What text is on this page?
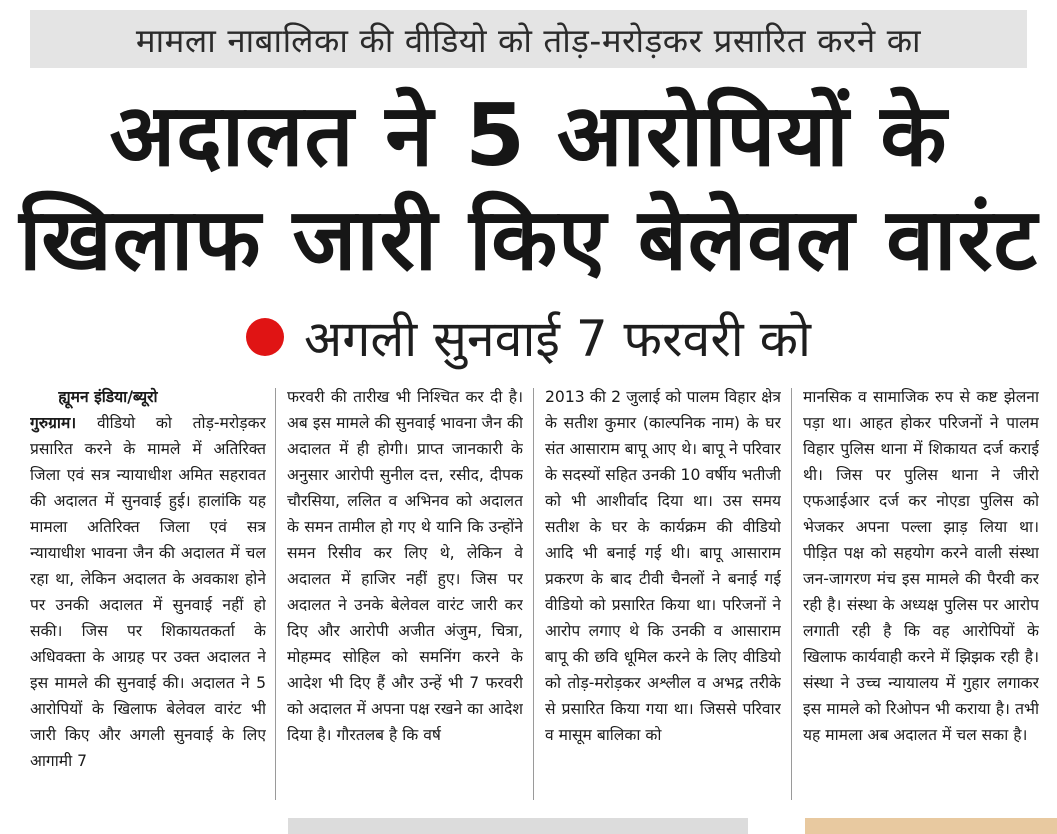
मामला नाबालिका की वीडियो को तोड़-मरोड़कर प्रसारित करने का
अदालत ने 5 आरोपियों के
खिलाफ जारी किए बेलेवल वारंट
अगली सुनवाई 7 फरवरी को
ह्यूमन इंडिया/ब्यूरो
गुरुग्राम। वीडियो को तोड़-मरोड़कर प्रसारित करने के मामले में अतिरिक्त जिला एवं सत्र न्यायाधीश अमित सहरावत की अदालत में सुनवाई हुई। हालांकि यह मामला अतिरिक्त जिला एवं सत्र न्यायाधीश भावना जैन की अदालत में चल रहा था, लेकिन अदालत के अवकाश होने पर उनकी अदालत में सुनवाई नहीं हो सकी। जिस पर शिकायतकर्ता के अधिवक्ता के आग्रह पर उक्त अदालत ने इस मामले की सुनवाई की। अदालत ने 5 आरोपियों के खिलाफ बेलेवल वारंट भी जारी किए और अगली सुनवाई के लिए आगामी 7
फरवरी की तारीख भी निश्चित कर दी है। अब इस मामले की सुनवाई भावना जैन की अदालत में ही होगी। प्राप्त जानकारी के अनुसार आरोपी सुनील दत्त, रसीद, दीपक चौरसिया, ललित व अभिनव को अदालत के समन तामील हो गए थे यानि कि उन्होंने समन रिसीव कर लिए थे, लेकिन वे अदालत में हाजिर नहीं हुए। जिस पर अदालत ने उनके बेलेवल वारंट जारी कर दिए और आरोपी अजीत अंजुम, चित्रा, मोहम्मद सोहिल को समनिंग करने के आदेश भी दिए हैं और उन्हें भी 7 फरवरी को अदालत में अपना पक्ष रखने का आदेश दिया है। गौरतलब है कि वर्ष
2013 की 2 जुलाई को पालम विहार क्षेत्र के सतीश कुमार (काल्पनिक नाम) के घर संत आसाराम बापू आए थे। बापू ने परिवार के सदस्यों सहित उनकी 10 वर्षीय भतीजी को भी आशीर्वाद दिया था। उस समय सतीश के घर के कार्यक्रम की वीडियो आदि भी बनाई गई थी। बापू आसाराम प्रकरण के बाद टीवी चैनलों ने बनाई गई वीडियो को प्रसारित किया था। परिजनों ने आरोप लगाए थे कि उनकी व आसाराम बापू की छवि धूमिल करने के लिए वीडियो को तोड़-मरोड़कर अश्लील व अभद्र तरीके से प्रसारित किया गया था। जिससे परिवार व मासूम बालिका को
मानसिक व सामाजिक रुप से कष्ट झेलना पड़ा था। आहत होकर परिजनों ने पालम विहार पुलिस थाना में शिकायत दर्ज कराई थी। जिस पर पुलिस थाना ने जीरो एफआईआर दर्ज कर नोएडा पुलिस को भेजकर अपना पल्ला झाड़ लिया था। पीड़ित पक्ष को सहयोग करने वाली संस्था जन-जागरण मंच इस मामले की पैरवी कर रही है। संस्था के अध्यक्ष पुलिस पर आरोप लगाती रही है कि वह आरोपियों के खिलाफ कार्यवाही करने में झिझक रही है। संस्था ने उच्च न्यायालय में गुहार लगाकर इस मामले को रिओपन भी कराया है। तभी यह मामला अब अदालत में चल सका है।
